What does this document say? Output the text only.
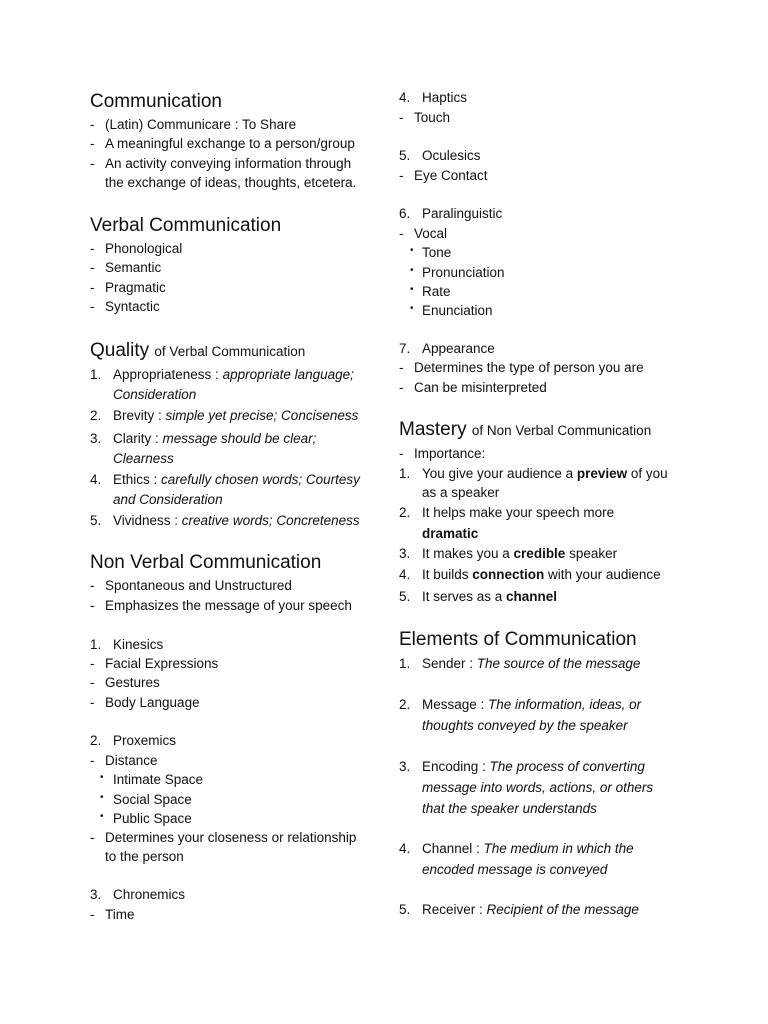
Communication
- (Latin) Communicare : To Share
- A meaningful exchange to a person/group
- An activity conveying information through
the exchange of ideas, thoughts, etcetera.
Verbal Communication
- Phonological
- Semantic
- Pragmatic
- Syntactic
Quality of Verbal Communication
1. Appropriateness : appropriate language;
Consideration
2. Brevity : simple yet precise; Conciseness
3. Clarity : message should be clear;
Clearness
4. Ethics : carefully chosen words; Courtesy
and Consideration
5. Vividness : creative words; Concreteness
Non Verbal Communication
- Spontaneous and Unstructured
- Emphasizes the message of your speech
1. Kinesics
- Facial Expressions
- Gestures
- Body Language
2. Proxemics
- Distance
• Intimate Space
• Social Space
• Public Space
- Determines your closeness or relationship
to the person
3. Chronemics
- Time
4. Haptics
- Touch
5. Oculesics
- Eye Contact
6. Paralinguistic
- Vocal
• Tone
• Pronunciation
• Rate
• Enunciation
7. Appearance
- Determines the type of person you are
- Can be misinterpreted
Mastery of Non Verbal Communication
- Importance:
1. You give your audience a preview of you
as a speaker
2. It helps make your speech more
dramatic
3. It makes you a credible speaker
4. It builds connection with your audience
5. It serves as a channel
Elements of Communication
1. Sender : The source of the message
2. Message : The information, ideas, or
thoughts conveyed by the speaker
3. Encoding : The process of converting
message into words, actions, or others
that the speaker understands
4. Channel : The medium in which the
encoded message is conveyed
5. Receiver : Recipient of the message
